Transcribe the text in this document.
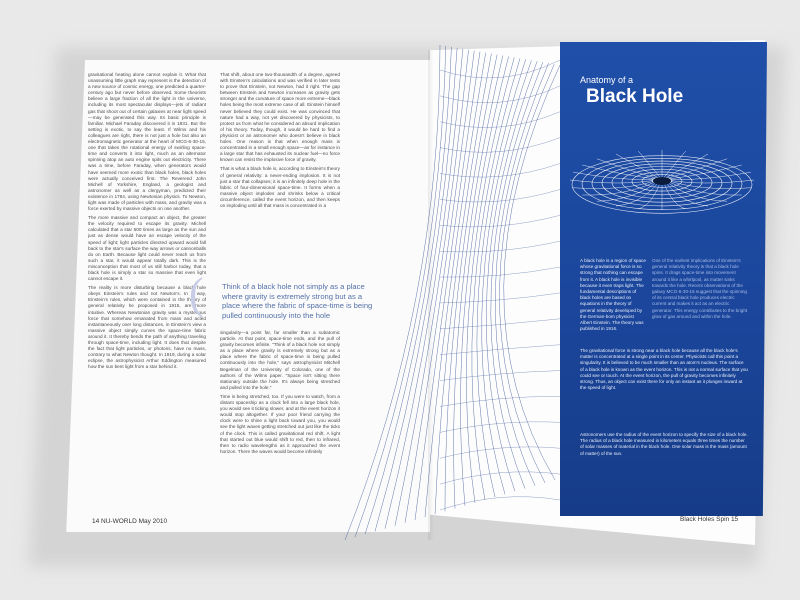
gravitational heating alone cannot explain it. What that unassuming little graph may represent is the detection of a new source of cosmic energy, one predicted a quarter-century ago but never before observed. Some theorists believe a large fraction of all the light in the universe, including its most spectacular displays—jets of radiant gas that shoot out of certain galaxies at near light speed—may be generated this way. Its basic principle is familiar. Michael Faraday discovered it in 1831. But the setting is exotic, to say the least. If Wilms and his colleagues are right, there is not just a hole but also an electromagnetic generator at the heart of MCG-6-30-15, one that takes the rotational energy of swirling space-time and converts it into light, much as an alternator spinning atop an auto engine spits out electricity. There was a time, before Faraday, when generators would have seemed more exotic than black holes, black holes were actually conceived first. The Reverend John Michell of Yorkshire, England, a geologist and astronomer as well as a clergyman, predicted their existence in 1784, using Newtonian physics. To Newton, light was made of particles with mass, and gravity was a force exerted by massive objects on one another.

The more massive and compact an object, the greater the velocity required to escape its gravity. Michell calculated that a star 500 times as large as the sun and just as dense would have an escape velocity of the speed of light; light particles directed upward would fall back to the star's surface the way arrows or cannonballs do on Earth. Because light could never reach us from such a star, it would appear totally dark. This is the misconception that most of us still harbor today, that a black hole is simply a star so massive that even light cannot escape it.

The reality is more disturbing because a black hole obeys Einstein's rules and not Newton's. In a way, Einstein's rules, which were contained in the theory of general relativity he proposed in 1915, are more intuitive. Whereas Newtonian gravity was a mysterious force that somehow emanated from mass and acted instantaneously over long distances, in Einstein's view a massive object simply curves the space-time fabric around it. It thereby bends the path of anything traveling through space-time, including light. It does that despite the fact that light particles, or photons, have no mass, contrary to what Newton thought. In 1919, during a solar eclipse, the astrophysicist Arthur Eddington measured how the sun bent light from a star behind it.

That shift, about one two-thousandth of a degree, agreed with Einstein's calculations and was verified in later tests to prove that Einstein, not Newton, had it right. The gap between Einstein and Newton increases as gravity gets stronger and the curvature of space more extreme—black holes being the most extreme case of all. Einstein himself never believed they could exist. He was convinced that nature had a way, not yet discovered by physicists, to protect us from what he considered an absurd implication of his theory. Today, though, it would be hard to find a physicist or an astronomer who doesn't believe in black holes. One reason is that when enough mass is concentrated in a small enough space—as for instance in a large star that has exhausted its nuclear fuel—no force known can resist the implosive force of gravity.

That is what a black hole is, according to Einstein's theory of general relativity: a never-ending implosion. It is not just a star that collapses; it is an infinitely deep hole in the fabric of four-dimensional space-time. It forms when a massive object implodes and shrinks below a critical circumference, called the event horizon, and then keeps on imploding until all that mass is concentrated in a

( Think of a black hole not simply as a place where gravity is extremely strong but as a place where the fabric of space-time is being pulled continuously into the hole

singularity—a point far, far smaller than a subatomic particle. At that point, space-time ends, and the pull of gravity becomes infinite. "Think of a black hole not simply as a place where gravity is extremely strong but as a place where the fabric of space-time is being pulled continuously into the hole," says astrophysicist Mitchell Begelman of the University of Colorado, one of the authors of the Wilms paper. "Space isn't sitting there stationary outside the hole. It's always being stretched and pulled into the hole."

Time is being stretched, too. If you were to watch, from a distant spaceship as a clock fell into a large black hole, you would see it ticking slower, and at the event horizon it would stop altogether. If your poor friend carrying the clock were to shine a light back toward you, you would see the light waves getting stretched out just like the ticks of the clock. This is called gravitational red shift. A light that started out blue would shift to red, then to infrared, then to radio wavelengths as it approached the event horizon. There the waves would become infinitely

14 NU-WORLD May 2010
Anatomy of a
Black Hole

A black hole is a region of space whose gravitational force is so strong that nothing can escape from it. A black hole is invisible because it even traps light. The fundamental descriptions of black holes are based on equations in the theory of general relativity developed by the German-born physicist Albert Einstein. The theory was published in 1916.

One of the earliest implications of Einstein's general relativity theory is that a black hole spins. It drags space-time into movement around it like a whirlpool, as matter sinks towards the hole. Recent observations of the galaxy MCG-6-30-15 suggest that the spinning of its central black hole produces electric current and makes it act as an electric generator. This energy contributes to the bright glow of gas around and within the hole.

The gravitational force is strong near a black hole because all the black hole's matter is concentrated at a single point in its center. Physicists call this point a singularity. It is believed to be much smaller than an atom's nucleus. The surface of a black hole is known as the event horizon. This is not a normal surface that you could see or touch. At the event horizon, the pull of gravity becomes infinitely strong. Thus, an object can exist there for only an instant as it plunges inward at the speed of light.

Astronomers use the radius of the event horizon to specify the size of a black hole. The radius of a black hole measured in kilometers equals three times the number of solar masses of material in the black hole. One solar mass is the mass (amount of matter) of the sun.

Black Holes Spin 15
